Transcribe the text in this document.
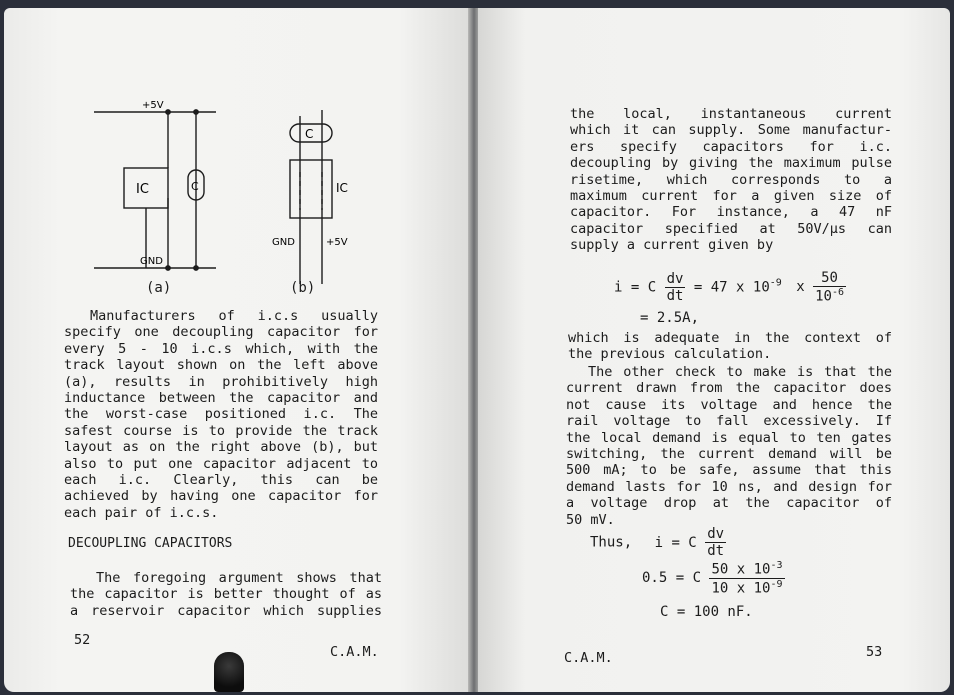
+5V
IC	C
GND
C
IC
GND	+5V
(a)	(b)
Manufacturers of i.c.s usually
specify one decoupling capacitor for
every 5 - 10 i.c.s which, with the
track layout shown on the left above
(a), results in prohibitively high
inductance between the capacitor and
the worst-case positioned i.c. The
safest course is to provide the track
layout as on the right above (b), but
also to put one capacitor adjacent to
each i.c. Clearly, this can be
achieved by having one capacitor for
each pair of i.c.s.
DECOUPLING CAPACITORS
The foregoing argument shows that
the capacitor is better thought of as
a reservoir capacitor which supplies
52
C.A.M.
the local, instantaneous current
which it can supply. Some manufactur-
ers specify capacitors for i.c.
decoupling by giving the maximum pulse
risetime, which corresponds to a
maximum current for a given size of
capacitor. For instance, a 47 nF
capacitor specified at 50V/μs can
supply a current given by
i = C $\frac{dv}{dt} = 47$ x $10^{-9}$ x $\frac{50}{10^{-6}}$
= 2.5A,
which is adequate in the context of
the previous calculation.
The other check to make is that the
current drawn from the capacitor does
not cause its voltage and hence the
rail voltage to fall excessively. If
the local demand is equal to ten gates
switching, the current demand will be
500 mA; to be safe, assume that this
demand lasts for 10 ns, and design for
a voltage drop at the capacitor of
50 mV.
Thus, i = C $\frac{dv}{dt}$
0.5 = C $\frac{50 x 10^{-3}}{10 x 10^{-9}}$
C = 100 nF.
C.A.M.	53
